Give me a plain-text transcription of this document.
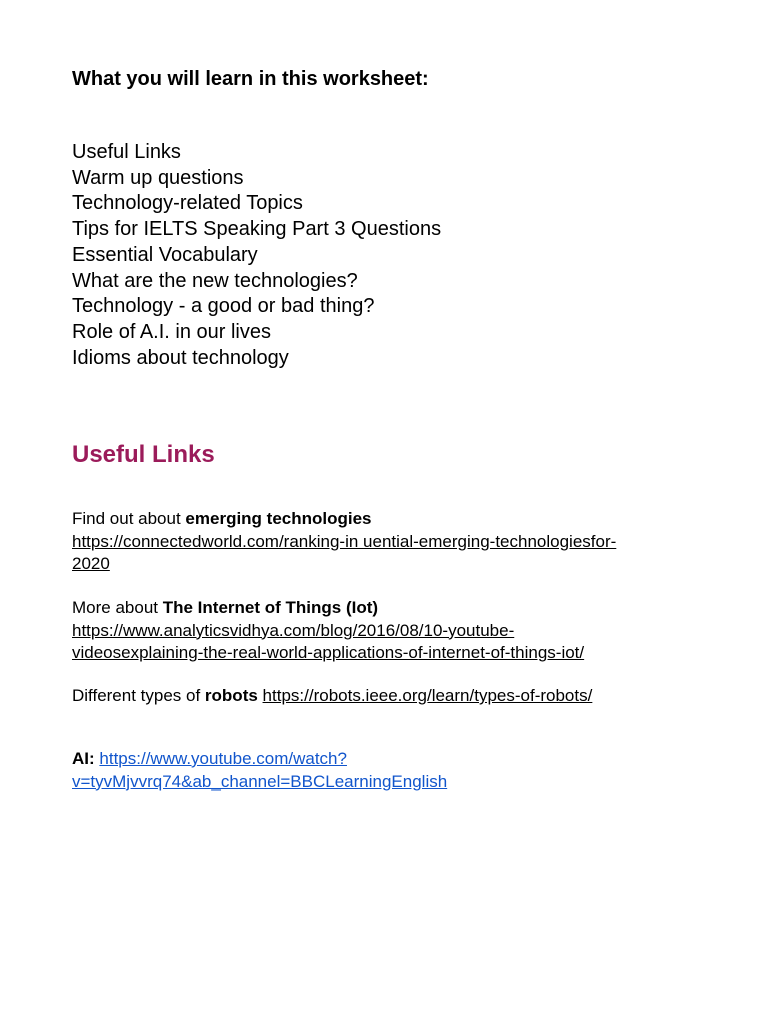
What you will learn in this worksheet:
Useful Links
Warm up questions
Technology-related Topics
Tips for IELTS Speaking Part 3 Questions
Essential Vocabulary
What are the new technologies?
Technology - a good or bad thing?
Role of A.I. in our lives
Idioms about technology
Useful Links
Find out about emerging technologies
https://connectedworld.com/ranking-in uential-emerging-technologiesfor-
2020
More about The Internet of Things (Iot)
https://www.analyticsvidhya.com/blog/2016/08/10-youtube-
videosexplaining-the-real-world-applications-of-internet-of-things-iot/
Different types of robots https://robots.ieee.org/learn/types-of-robots/
AI: https://www.youtube.com/watch?
v=tyvMjvvrq74&ab_channel=BBCLearningEnglish
